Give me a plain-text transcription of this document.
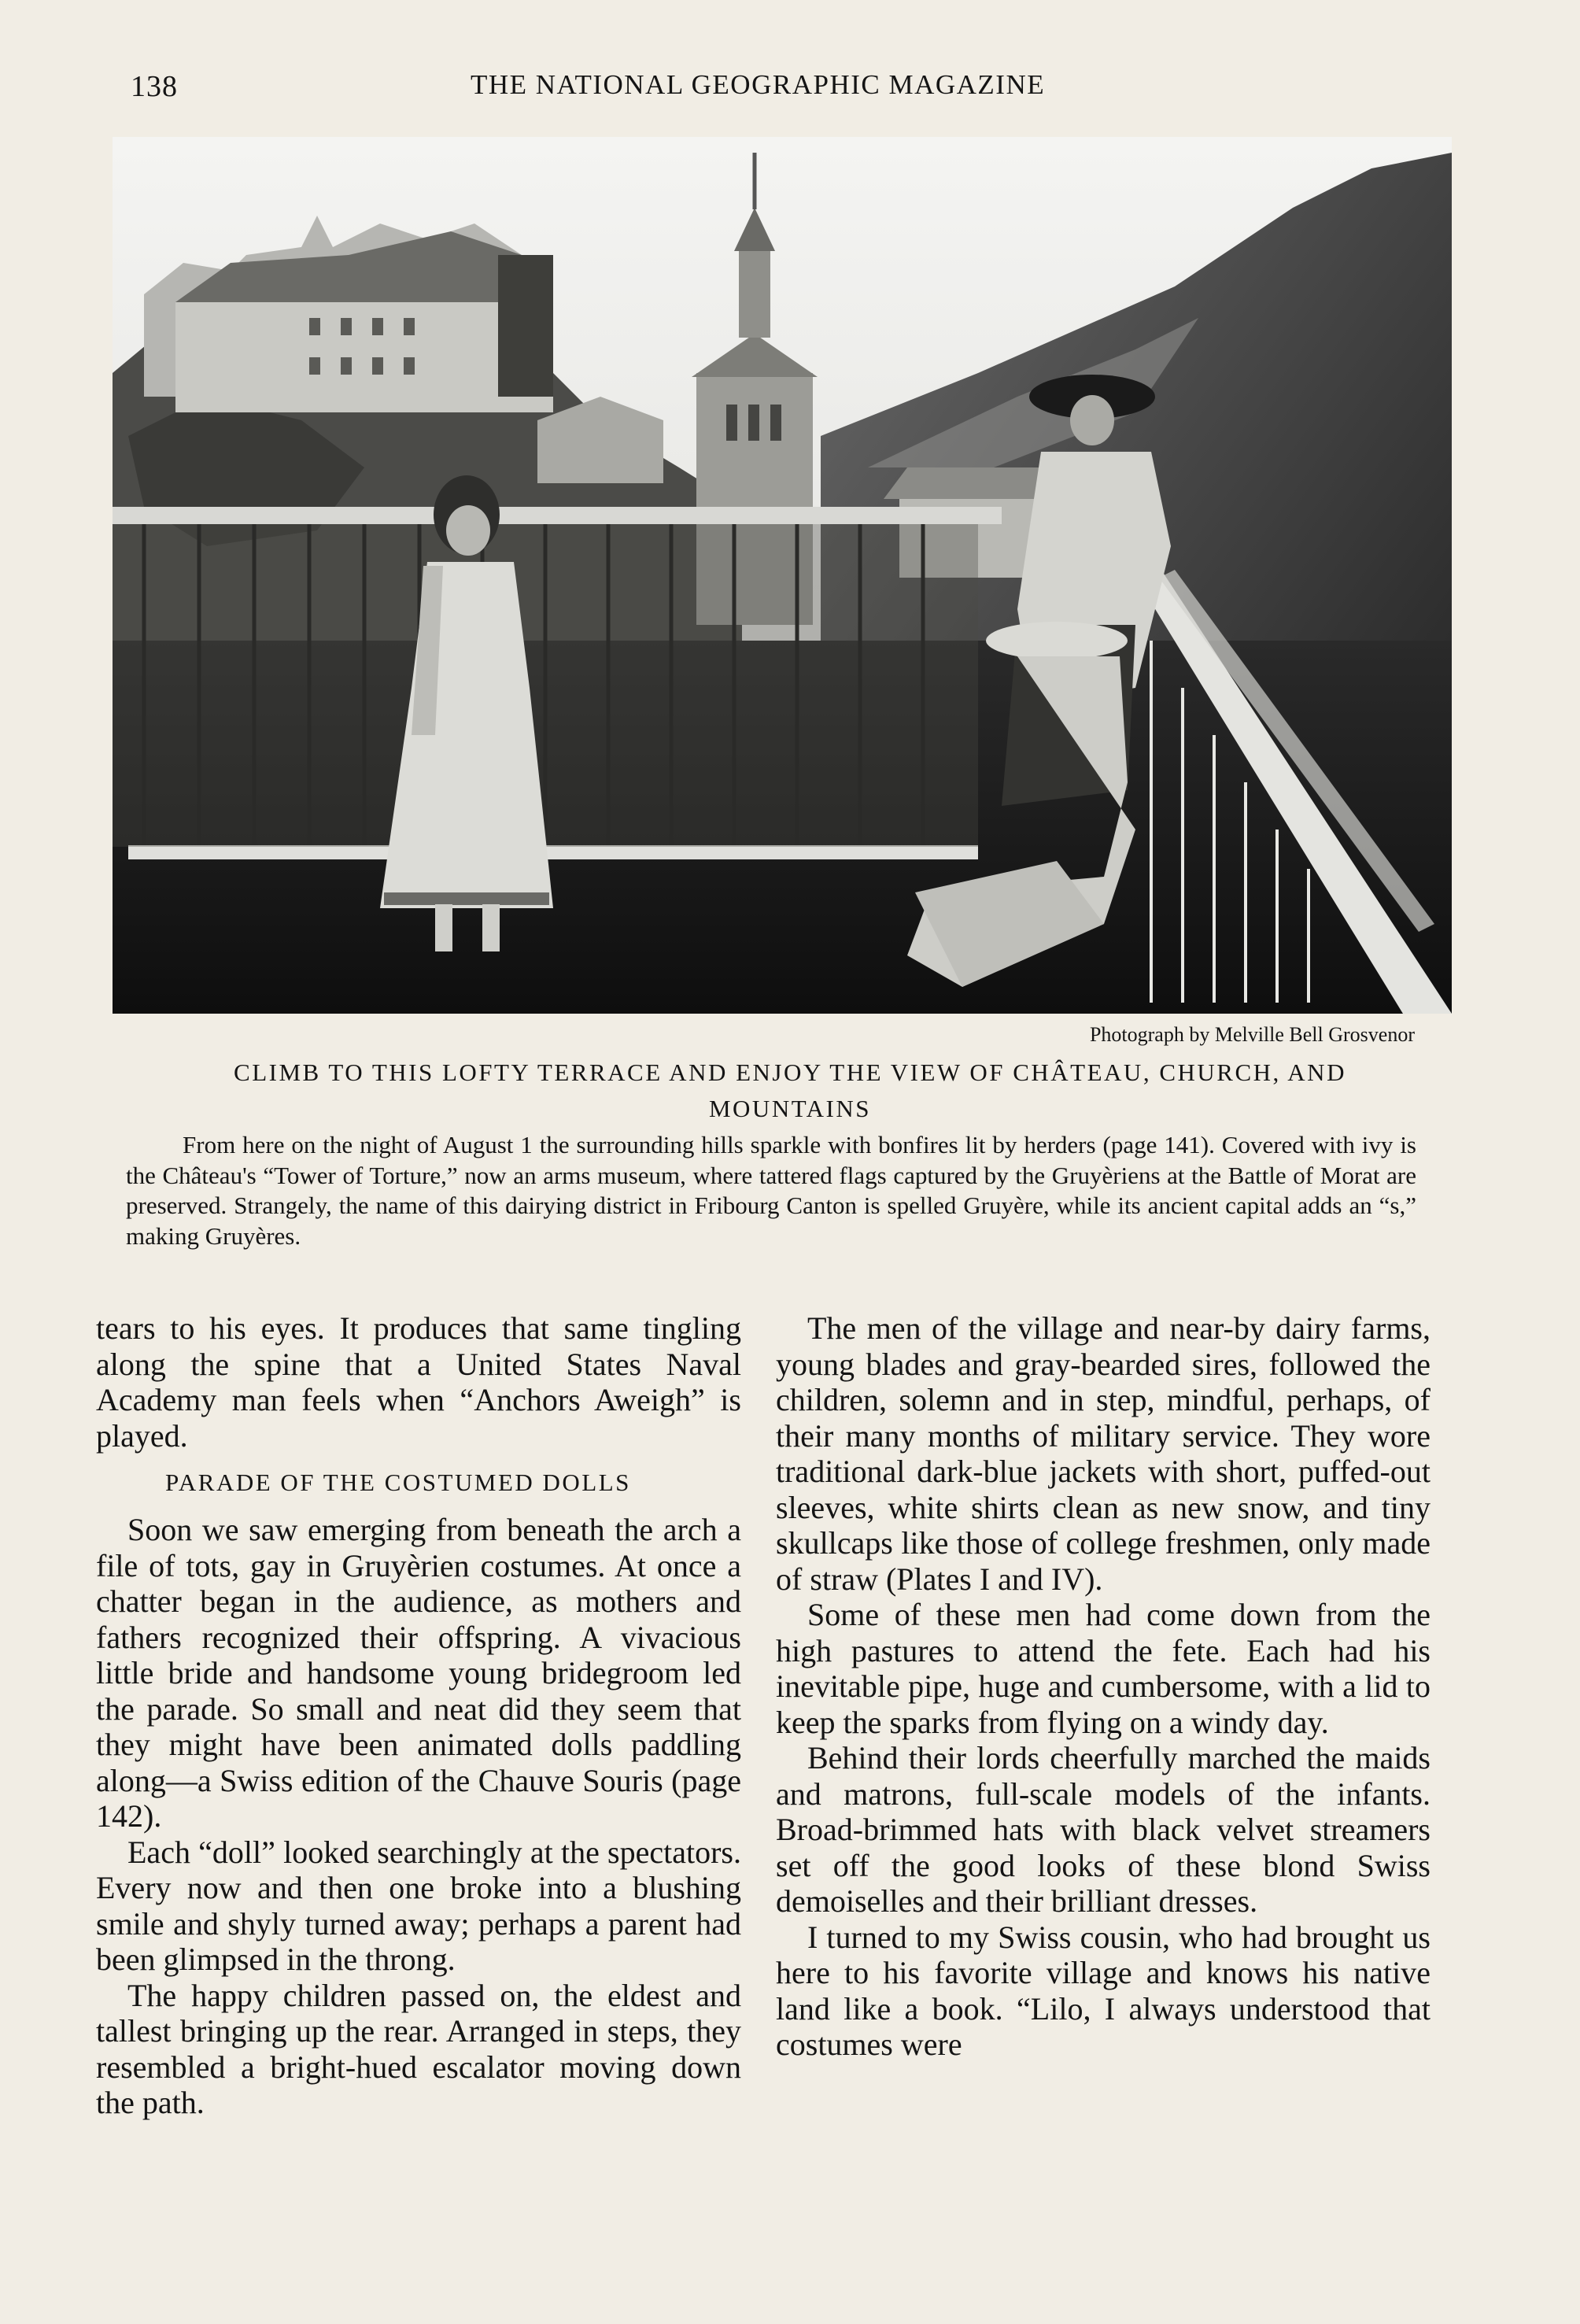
138	THE NATIONAL GEOGRAPHIC MAGAZINE
Photograph by Melville Bell Grosvenor
CLIMB TO THIS LOFTY TERRACE AND ENJOY THE VIEW OF CHÂTEAU, CHURCH, AND MOUNTAINS

From here on the night of August 1 the surrounding hills sparkle with bonfires lit by herders (page 141). Covered with ivy is the Château's “Tower of Torture,” now an arms museum, where tattered flags captured by the Gruyèriens at the Battle of Morat are preserved. Strangely, the name of this dairying district in Fribourg Canton is spelled Gruyère, while its ancient capital adds an “s,” making Gruyères.

tears to his eyes. It produces that same tingling along the spine that a United States Naval Academy man feels when “Anchors Aweigh” is played.

PARADE OF THE COSTUMED DOLLS

Soon we saw emerging from beneath the arch a file of tots, gay in Gruyèrien costumes. At once a chatter began in the audience, as mothers and fathers recognized their offspring. A vivacious little bride and handsome young bridegroom led the parade. So small and neat did they seem that they might have been animated dolls paddling along—a Swiss edition of the Chauve Souris (page 142).

Each “doll” looked searchingly at the spectators. Every now and then one broke into a blushing smile and shyly turned away; perhaps a parent had been glimpsed in the throng.

The happy children passed on, the eldest and tallest bringing up the rear. Arranged in steps, they resembled a bright-hued escalator moving down the path.

The men of the village and near-by dairy farms, young blades and gray-bearded sires, followed the children, solemn and in step, mindful, perhaps, of their many months of military service. They wore traditional dark-blue jackets with short, puffed-out sleeves, white shirts clean as new snow, and tiny skullcaps like those of college freshmen, only made of straw (Plates I and IV).

Some of these men had come down from the high pastures to attend the fete. Each had his inevitable pipe, huge and cumbersome, with a lid to keep the sparks from flying on a windy day.

Behind their lords cheerfully marched the maids and matrons, full-scale models of the infants. Broad-brimmed hats with black velvet streamers set off the good looks of these blond Swiss demoiselles and their brilliant dresses.

I turned to my Swiss cousin, who had brought us here to his favorite village and knows his native land like a book. “Lilo, I always understood that costumes were
